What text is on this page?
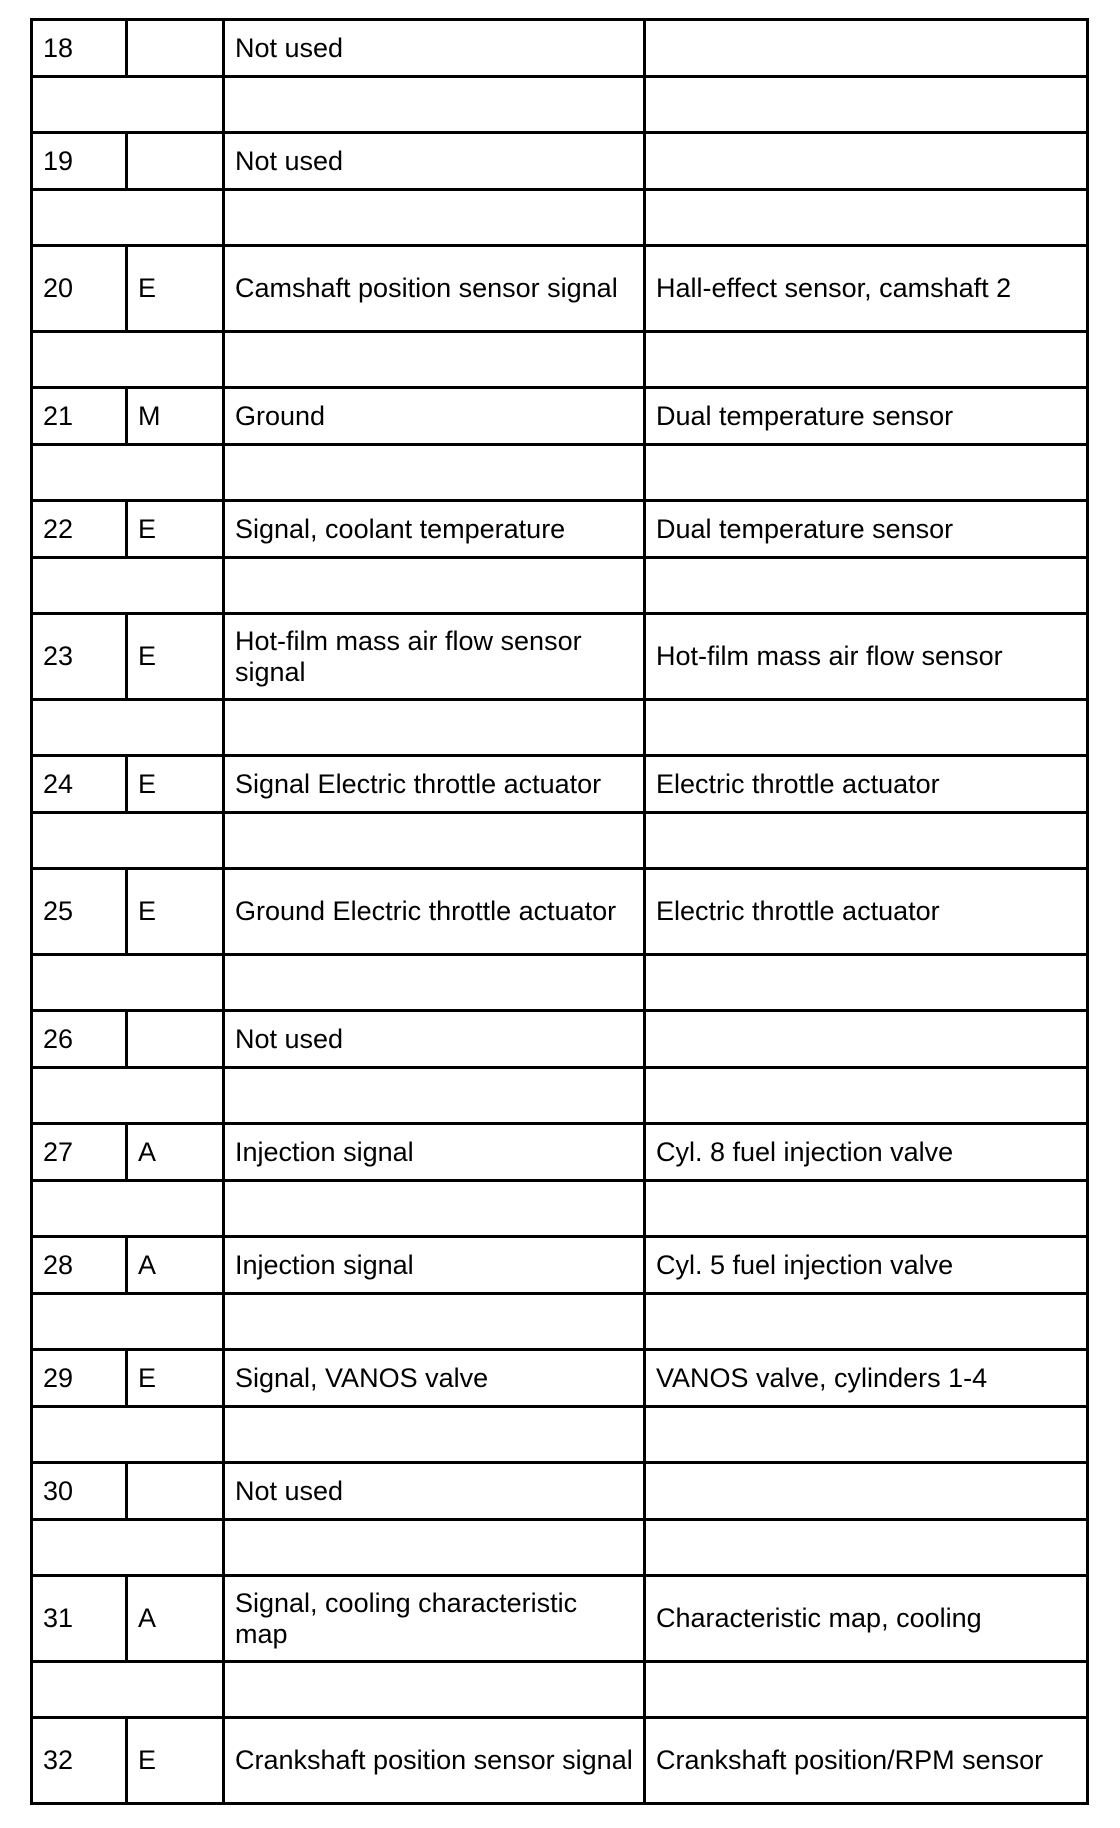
18		Not used	

19		Not used	

20	E	Camshaft position sensor signal	Hall-effect sensor, camshaft 2

21	M	Ground	Dual temperature sensor

22	E	Signal, coolant temperature	Dual temperature sensor

23	E	Hot-film mass air flow sensor signal	Hot-film mass air flow sensor

24	E	Signal Electric throttle actuator	Electric throttle actuator

25	E	Ground Electric throttle actuator	Electric throttle actuator

26		Not used	

27	A	Injection signal	Cyl. 8 fuel injection valve

28	A	Injection signal	Cyl. 5 fuel injection valve

29	E	Signal, VANOS valve	VANOS valve, cylinders 1-4

30		Not used	

31	A	Signal, cooling characteristic map	Characteristic map, cooling

32	E	Crankshaft position sensor signal	Crankshaft position/RPM sensor
